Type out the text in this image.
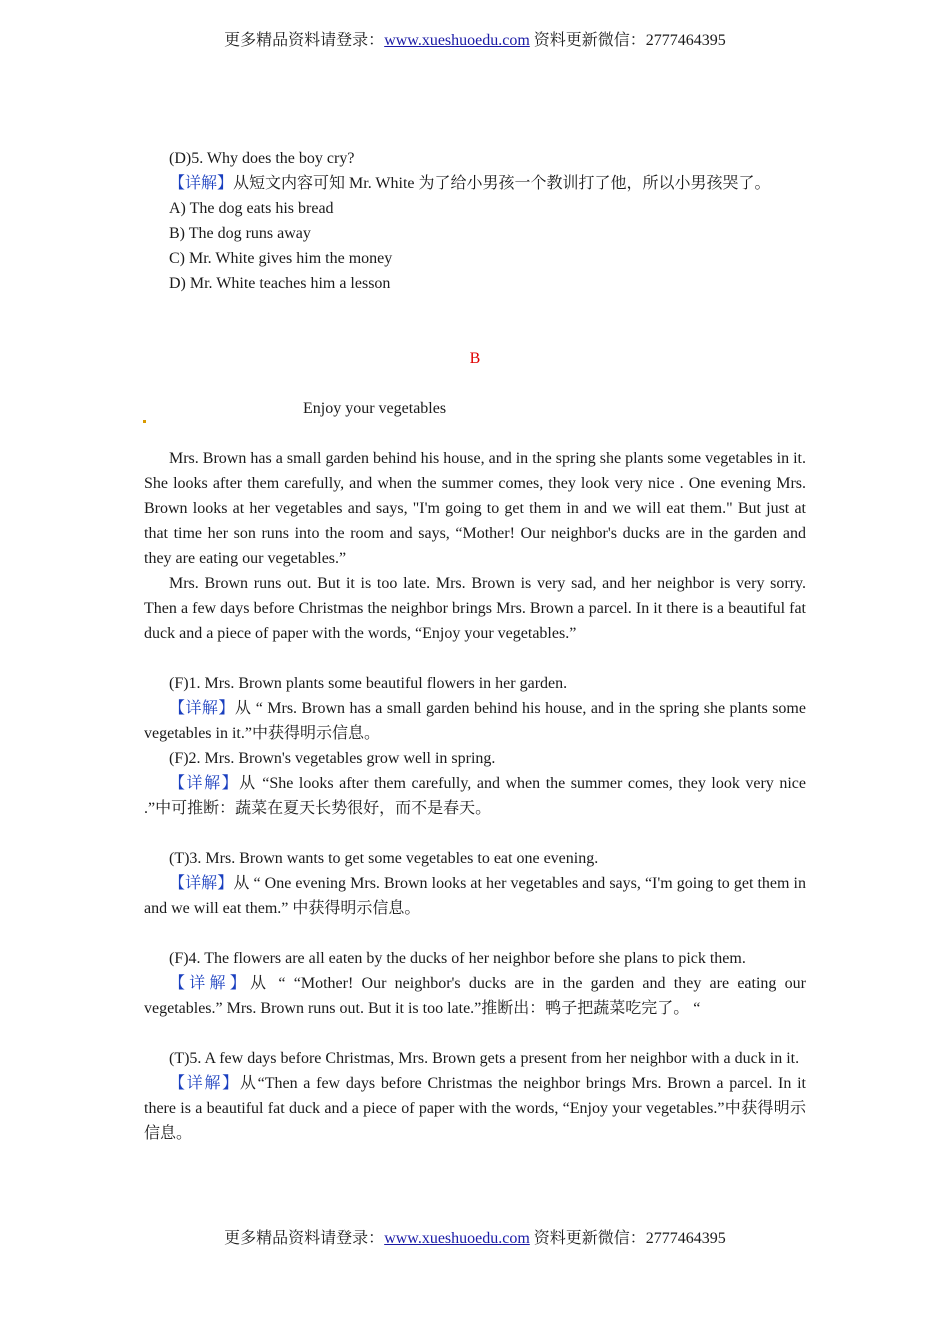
更多精品资料请登录：www.xueshuoedu.com 资料更新微信：2777464395

(D)5. Why does the boy cry?

【详解】从短文内容可知 Mr. White 为了给小男孩一个教训打了他，所以小男孩哭了。

A) The dog eats his bread

B) The dog runs away

C) Mr. White gives him the money

D) Mr. White teaches him a lesson

B

Enjoy your vegetables

Mrs. Brown has a small garden behind his house, and in the spring she plants some vegetables in it. She looks after them carefully, and when the summer comes, they look very nice . One evening Mrs. Brown looks at her vegetables and says, "I'm going to get them in and we will eat them." But just at that time her son runs into the room and says, “Mother! Our neighbor's ducks are in the garden and they are eating our vegetables.”

Mrs. Brown runs out. But it is too late. Mrs. Brown is very sad, and her neighbor is very sorry. Then a few days before Christmas the neighbor brings Mrs. Brown a parcel. In it there is a beautiful fat duck and a piece of paper with the words, “Enjoy your vegetables.”

(F)1. Mrs. Brown plants some beautiful flowers in her garden.

【详解】从 “ Mrs. Brown has a small garden behind his house, and in the spring she plants some vegetables in it.”中获得明示信息。

(F)2. Mrs. Brown's vegetables grow well in spring.

【详解】从 “She looks after them carefully, and when the summer comes, they look very nice .”中可推断：蔬菜在夏天长势很好，而不是春天。

(T)3. Mrs. Brown wants to get some vegetables to eat one evening.

【详解】从 “ One evening Mrs. Brown looks at her vegetables and says, “I'm going to get them in and we will eat them.” 中获得明示信息。

(F)4. The flowers are all eaten by the ducks of her neighbor before she plans to pick them.

【详解】从 “ “Mother! Our neighbor's ducks are in the garden and they are eating our vegetables.” Mrs. Brown runs out. But it is too late.”推断出：鸭子把蔬菜吃完了。 “

(T)5. A few days before Christmas, Mrs. Brown gets a present from her neighbor with a duck in it.

【详解】从“Then a few days before Christmas the neighbor brings Mrs. Brown a parcel. In it there is a beautiful fat duck and a piece of paper with the words, “Enjoy your vegetables.”中获得明示信息。

更多精品资料请登录：www.xueshuoedu.com 资料更新微信：2777464395
